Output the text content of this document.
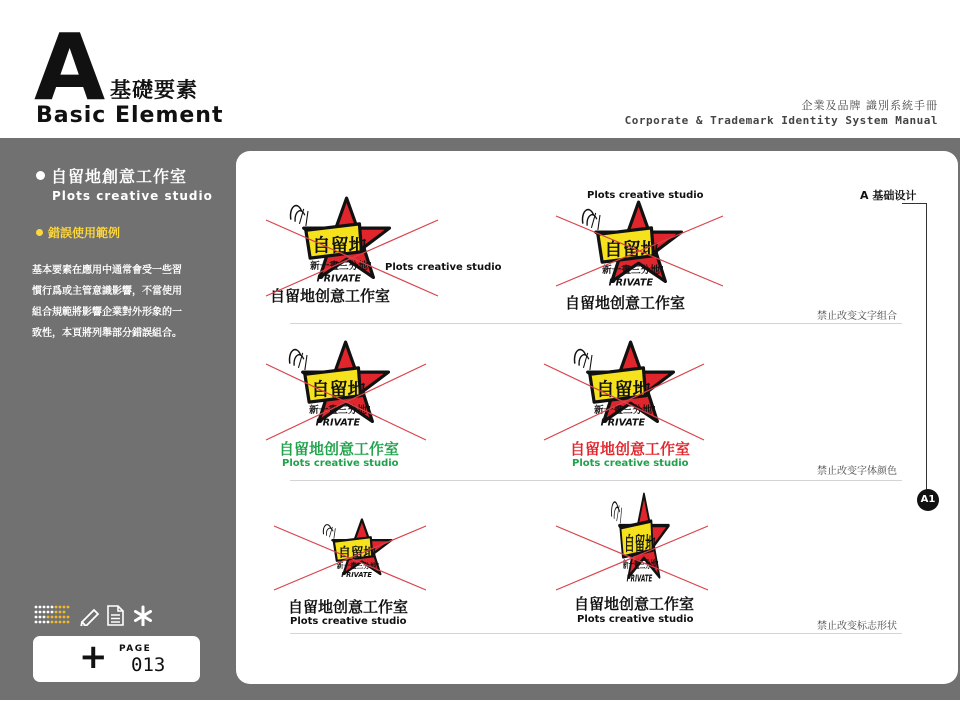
A 基礎要素
Basic Element	企業及品牌 識別系統手冊
Corporate & Trademark Identity System Manual
自留地創意工作室
Plots creative studio
錯誤使用範例
基本要素在應用中通常會受一些習
慣行爲或主管意識影響，不當使用
組合規範將影響企業對外形象的一
致性，本頁將列舉部分錯誤組合。
+ PAGE
013
A 基础设计
A1
Plots creative studio
自留地创意工作室
Plots creative studio
自留地创意工作室
禁止改变文字组合
自留地创意工作室
Plots creative studio
自留地创意工作室
Plots creative studio
禁止改变字体颜色
自留地创意工作室
Plots creative studio
自留地创意工作室
Plots creative studio
禁止改变标志形状
